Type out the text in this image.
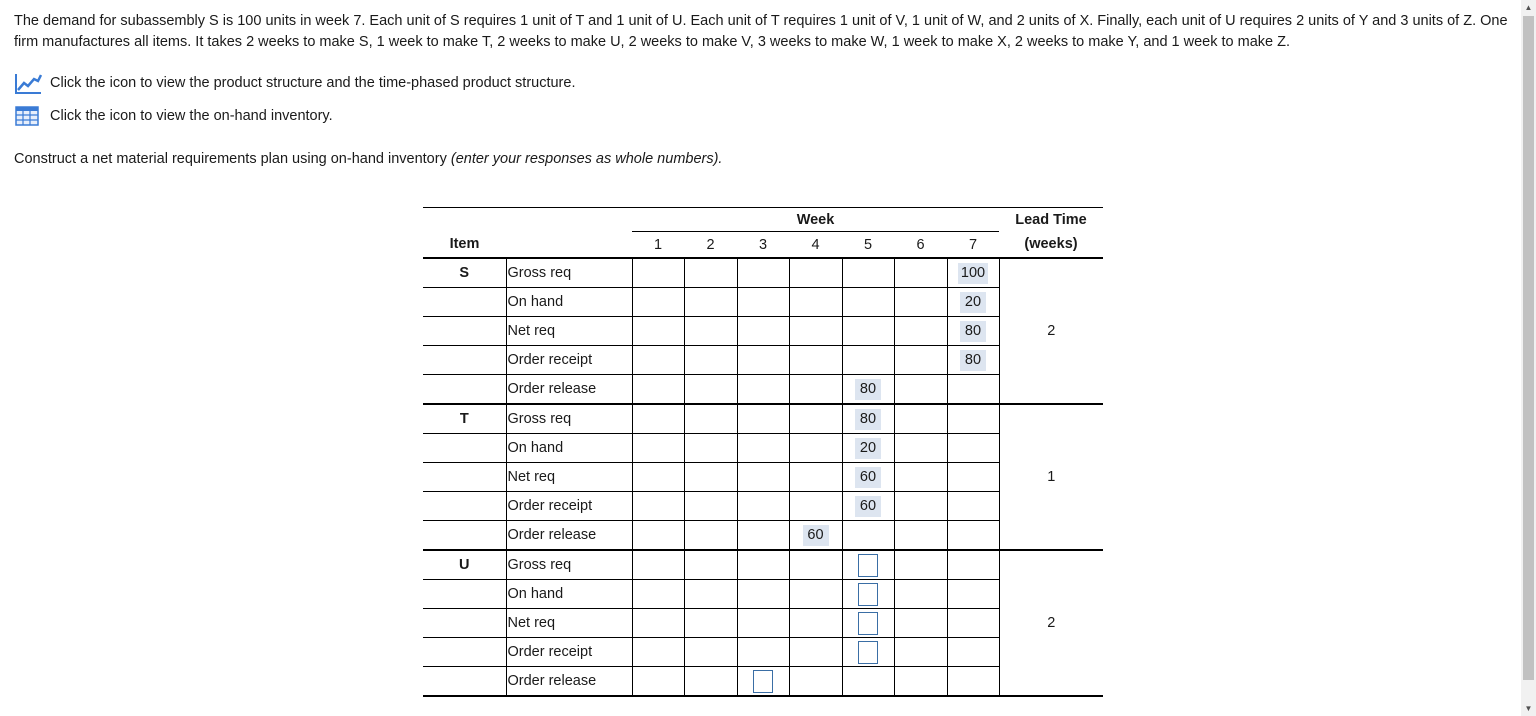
The demand for subassembly S is 100 units in week 7. Each unit of S requires 1 unit of T and 1 unit of U. Each unit of T requires 1 unit of V, 1 unit of W, and 2 units of X. Finally, each unit of U requires 2 units of Y and 3 units of Z. One firm manufactures all items. It takes 2 weeks to make S, 1 week to make T, 2 weeks to make U, 2 weeks to make V, 3 weeks to make W, 1 week to make X, 2 weeks to make Y, and 1 week to make Z.

Click the icon to view the product structure and the time-phased product structure.
Click the icon to view the on-hand inventory.

Construct a net material requirements plan using on-hand inventory (enter your responses as whole numbers).

		Week							Lead Time
Item		1	2	3	4	5	6	7	(weeks)
S	Gross req							100	2
	On hand							20	
	Net req							80	
	Order receipt							80	
	Order release					80			
T	Gross req					80			1
	On hand					20			
	Net req					60			
	Order receipt					60			
	Order release				60				
U	Gross req								2
	On hand								
	Net req								
	Order receipt								
	Order release								
▲
▼
